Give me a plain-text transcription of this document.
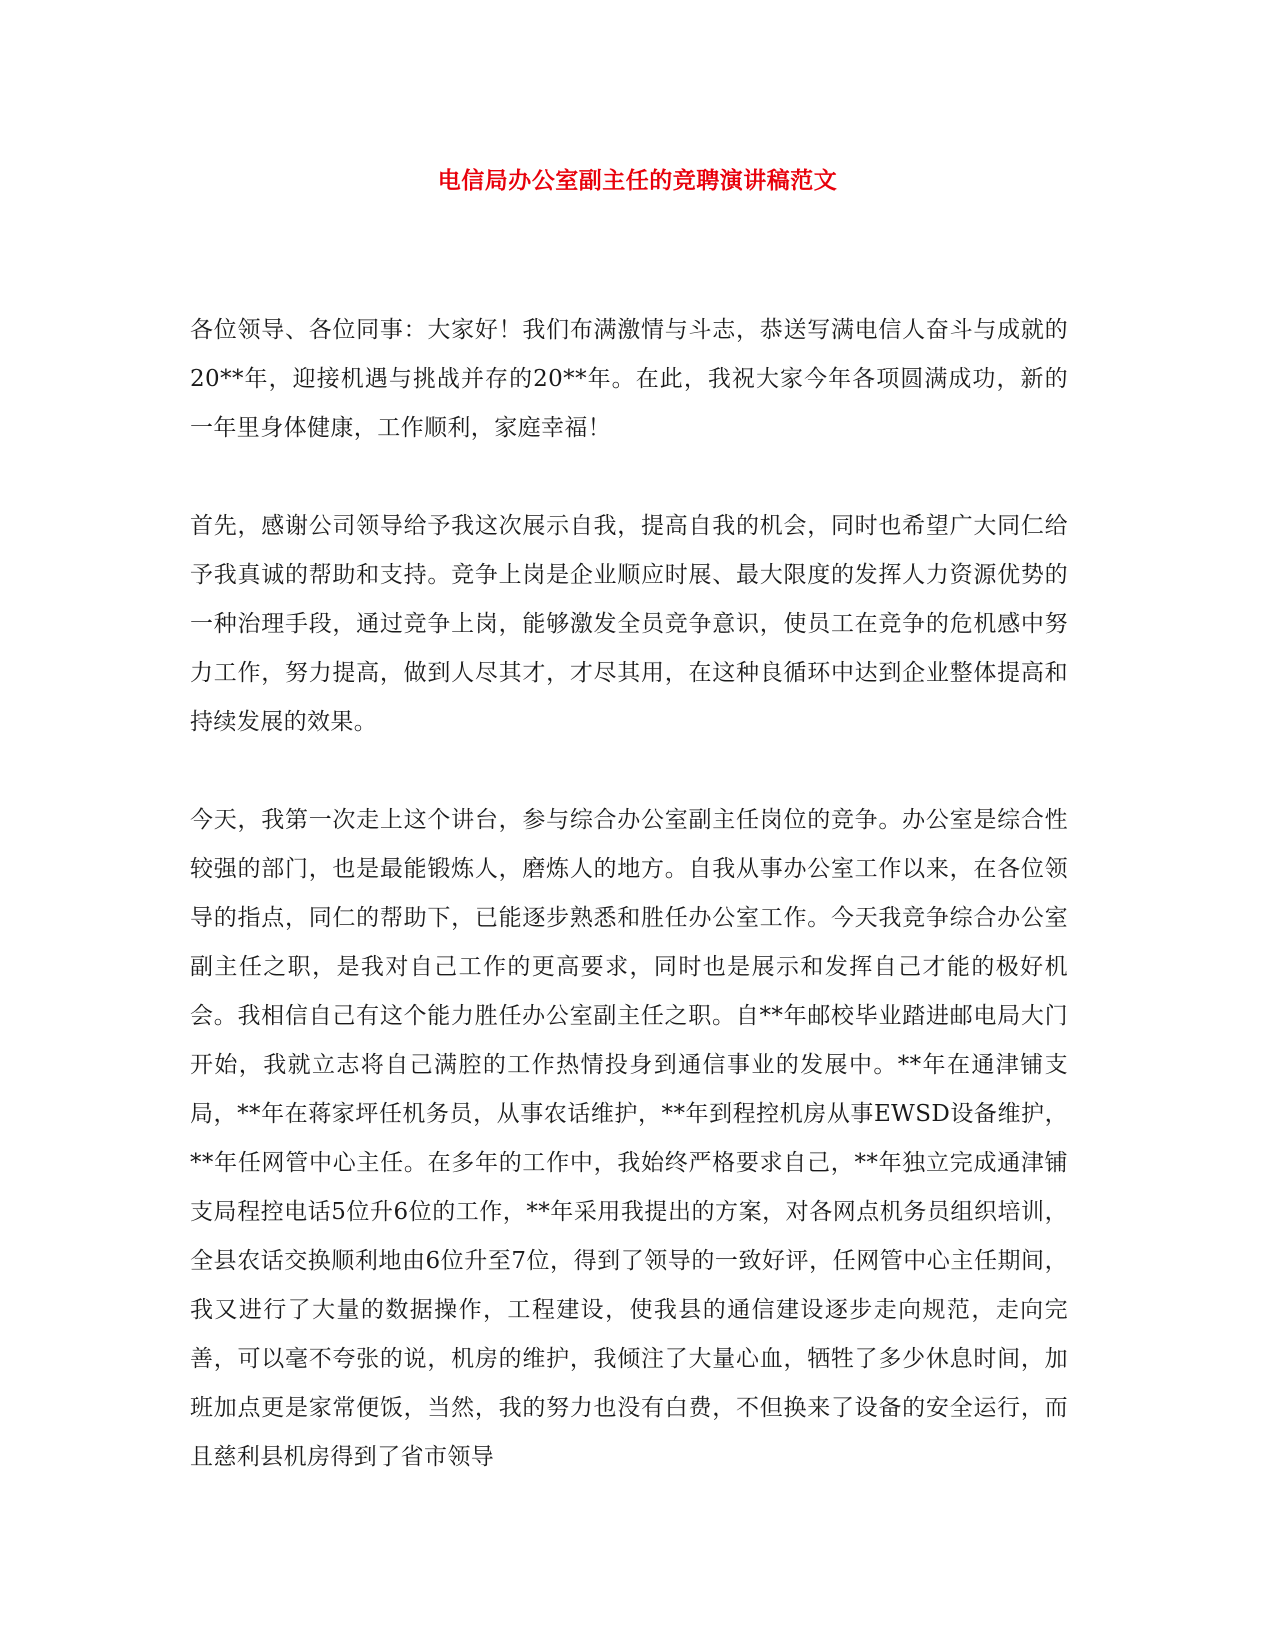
电信局办公室副主任的竞聘演讲稿范文

各位领导、各位同事：大家好！我们布满激情与斗志，恭送写满电信人奋斗与成就的20**年，迎接机遇与挑战并存的20**年。在此，我祝大家今年各项圆满成功，新的一年里身体健康，工作顺利，家庭幸福！

首先，感谢公司领导给予我这次展示自我，提高自我的机会，同时也希望广大同仁给予我真诚的帮助和支持。竞争上岗是企业顺应时展、最大限度的发挥人力资源优势的一种治理手段，通过竞争上岗，能够激发全员竞争意识，使员工在竞争的危机感中努力工作，努力提高，做到人尽其才，才尽其用，在这种良循环中达到企业整体提高和持续发展的效果。

今天，我第一次走上这个讲台，参与综合办公室副主任岗位的竞争。办公室是综合性较强的部门，也是最能锻炼人，磨炼人的地方。自我从事办公室工作以来，在各位领导的指点，同仁的帮助下，已能逐步熟悉和胜任办公室工作。今天我竞争综合办公室副主任之职，是我对自己工作的更高要求，同时也是展示和发挥自己才能的极好机会。我相信自己有这个能力胜任办公室副主任之职。自**年邮校毕业踏进邮电局大门开始，我就立志将自己满腔的工作热情投身到通信事业的发展中。**年在通津铺支局，**年在蒋家坪任机务员，从事农话维护，**年到程控机房从事EWSD设备维护，**年任网管中心主任。在多年的工作中，我始终严格要求自己，**年独立完成通津铺支局程控电话5位升6位的工作，**年采用我提出的方案，对各网点机务员组织培训，全县农话交换顺利地由6位升至7位，得到了领导的一致好评，任网管中心主任期间，我又进行了大量的数据操作，工程建设，使我县的通信建设逐步走向规范，走向完善，可以毫不夸张的说，机房的维护，我倾注了大量心血，牺牲了多少休息时间，加班加点更是家常便饭，当然，我的努力也没有白费，不但换来了设备的安全运行，而且慈利县机房得到了省市领导
